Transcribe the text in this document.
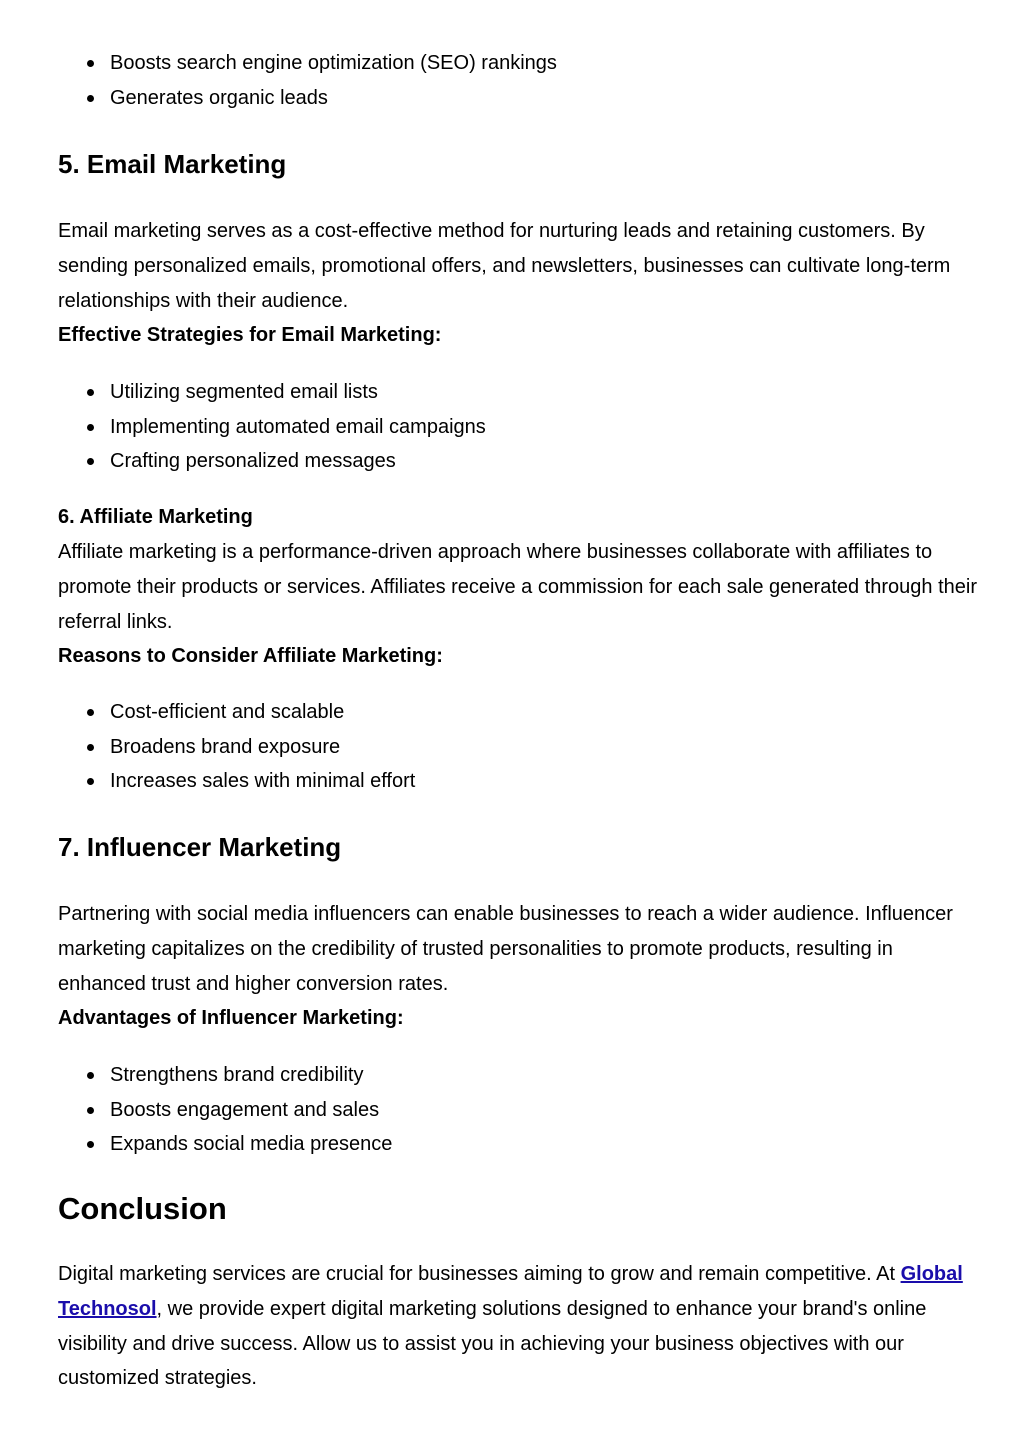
Boosts search engine optimization (SEO) rankings
Generates organic leads
5. Email Marketing

Email marketing serves as a cost-effective method for nurturing leads and retaining customers. By sending personalized emails, promotional offers, and newsletters, businesses can cultivate long-term relationships with their audience.

Effective Strategies for Email Marketing:
Utilizing segmented email lists
Implementing automated email campaigns
Crafting personalized messages
6. Affiliate Marketing

Affiliate marketing is a performance-driven approach where businesses collaborate with affiliates to promote their products or services. Affiliates receive a commission for each sale generated through their referral links.

Reasons to Consider Affiliate Marketing:
Cost-efficient and scalable
Broadens brand exposure
Increases sales with minimal effort
7. Influencer Marketing

Partnering with social media influencers can enable businesses to reach a wider audience. Influencer marketing capitalizes on the credibility of trusted personalities to promote products, resulting in enhanced trust and higher conversion rates.

Advantages of Influencer Marketing:
Strengthens brand credibility
Boosts engagement and sales
Expands social media presence
Conclusion

Digital marketing services are crucial for businesses aiming to grow and remain competitive. At Global Technosol, we provide expert digital marketing solutions designed to enhance your brand's online visibility and drive success. Allow us to assist you in achieving your business objectives with our customized strategies.
